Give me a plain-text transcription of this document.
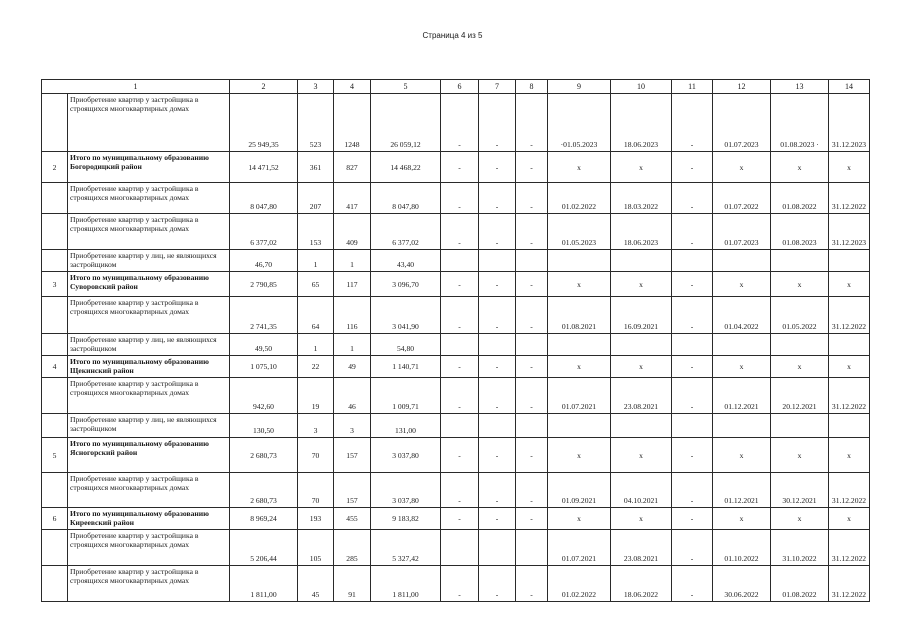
Страница 4 из 5
1		2	3	4	5	6	7	8	9	10	11	12	13	14
	Приобретение квартир у застройщика в строящихся многоквартирных домах	25 949,35	523	1248	26 059,12	-	-	-	·01.05.2023	18.06.2023	-	01.07.2023	01.08.2023 ·	31.12.2023
2	Итого по муниципальному образованию Богородицкий район	14 471,52	361	827	14 468,22	-	-	-	х	х	-	х	х	х
	Приобретение квартир у застройщика в строящихся многоквартирных домах	8 047,80	207	417	8 047,80	-	-	-	01.02.2022	18.03.2022	-	01.07.2022	01.08.2022	31.12.2022
	Приобретение квартир у застройщика в строящихся многоквартирных домах	6 377,02	153	409	6 377,02	-	-	-	01.05.2023	18.06.2023	-	01.07.2023	01.08.2023	31.12.2023
	Приобретение квартир у лиц, не являющихся застройщиком	46,70	1	1	43,40									
3	Итого по муниципальному образованию Суворовский район	2 790,85	65	117	3 096,70	-	-	-	х	х	-	х	х	х
	Приобретение квартир у застройщика в строящихся многоквартирных домах	2 741,35	64	116	3 041,90	-	-	-	01.08.2021	16.09.2021	-	01.04.2022	01.05.2022	31.12.2022
	Приобретение квартир у лиц, не являющихся застройщиком	49,50	1	1	54,80									
4	Итого по муниципальному образованию Щекинский район	1 075,10	22	49	1 140,71	-	-	-	х	х	-	х	х	х
	Приобретение квартир у застройщика в строящихся многоквартирных домах	942,60	19	46	1 009,71	-	-	-	01.07.2021	23.08.2021	-	01.12.2021	20.12.2021	31.12.2022
	Приобретение квартир у лиц, не являющихся застройщиком	130,50	3	3	131,00									
5	Итого по муниципальному образованию Ясногорский район	2 680,73	70	157	3 037,80	-	-	-	х	х	-	х	х	х
	Приобретение квартир у застройщика в строящихся многоквартирных домах	2 680,73	70	157	3 037,80	-	-	-	01.09.2021	04.10.2021	-	01.12.2021	30.12.2021	31.12.2022
6	Итого по муниципальному образованию Киреевский район	8 969,24	193	455	9 183,82	-	-	-	х	х	-	х	х	х
	Приобретение квартир у застройщика в строящихся многоквартирных домах	5 206,44	105	285	5 327,42				01.07.2021	23.08.2021	-	01.10.2022	31.10.2022	31.12.2022
	Приобретение квартир у застройщика в строящихся многоквартирных домах	1 811,00	45	91	1 811,00	-	-	-	01.02.2022	18.06.2022	-	30.06.2022	01.08.2022	31.12.2022
